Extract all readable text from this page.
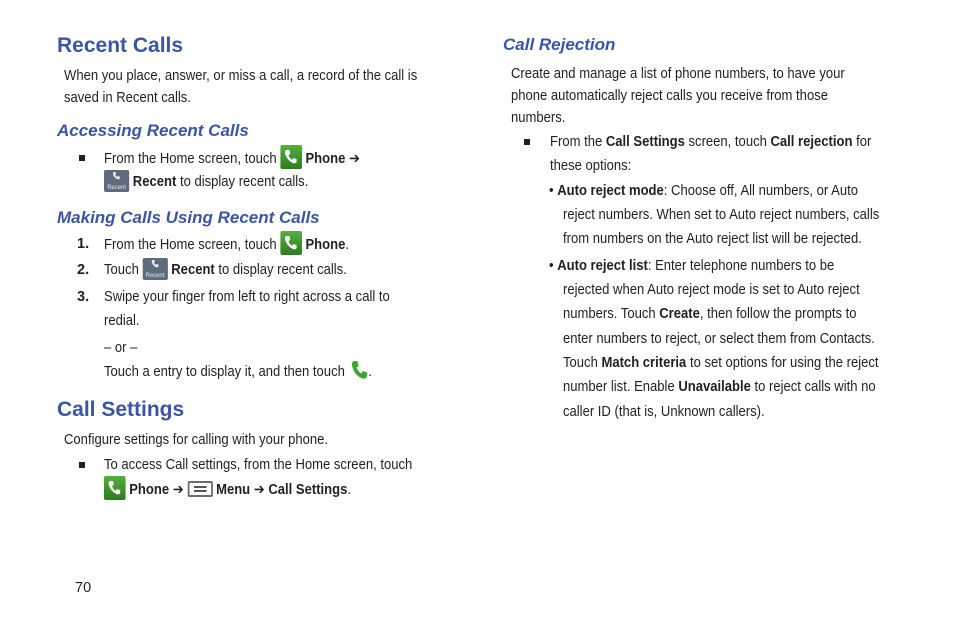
Recent Calls
When you place, answer, or miss a call, a record of the call is
saved in Recent calls.
Accessing Recent Calls
From the Home screen, touch Phone ➔
Recent Recent to display recent calls.
Making Calls Using Recent Calls
1. From the Home screen, touch Phone.
2. Touch	Recent Recent to display recent calls.
3. Swipe your finger from left to right across a call to
redial.
– or –
Touch a entry to display it, and then touch .
Call Settings
Configure settings for calling with your phone.
To access Call settings, from the Home screen, touch
Phone ➔ Menu ➔ Call Settings.
Call Rejection
Create and manage a list of phone numbers, to have your
phone automatically reject calls you receive from those
numbers.
From the Call Settings screen, touch Call rejection for
these options:
• Auto reject mode: Choose off, All numbers, or Auto
reject numbers. When set to Auto reject numbers, calls
from numbers on the Auto reject list will be rejected.
• Auto reject list: Enter telephone numbers to be
rejected when Auto reject mode is set to Auto reject
numbers. Touch Create, then follow the prompts to
enter numbers to reject, or select them from Contacts.
Touch Match criteria to set options for using the reject
number list. Enable Unavailable to reject calls with no
caller ID (that is, Unknown callers).
70
